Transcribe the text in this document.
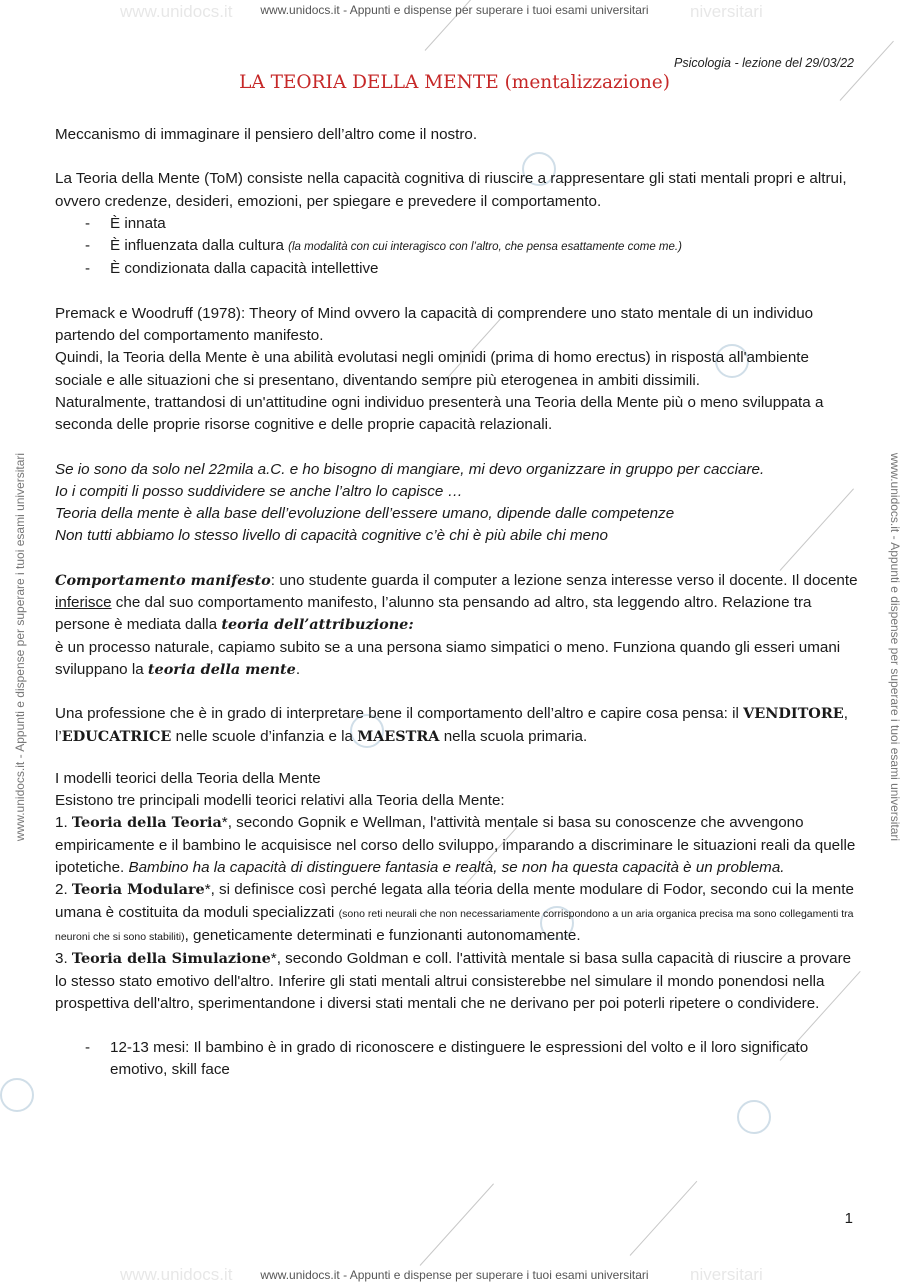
www.unidocs.it	niversitari
www.unidocs.it	niversitari
www.unidocs.it - Appunti e dispense per superare i tuoi esami universitari
www.unidocs.it - Appunti e dispense per superare i tuoi esami universitari
www.unidocs.it - Appunti e dispense per superare i tuoi esami universitari	www.unidocs.it - Appunti e dispense per superare i tuoi esami universitari
Psicologia - lezione del 29/03/22
LA TEORIA DELLA MENTE (mentalizzazione)

Meccanismo di immaginare il pensiero dell’altro come il nostro.

La Teoria della Mente (ToM) consiste nella capacità cognitiva di riuscire a rappresentare gli stati mentali propri e altrui, ovvero credenze, desideri, emozioni, per spiegare e prevedere il comportamento.

- È innata
- È influenzata dalla cultura (la modalità con cui interagisco con l’altro, che pensa esattamente come me.)
- È condizionata dalla capacità intellettive

Premack e Woodruff (1978): Theory of Mind ovvero la capacità di comprendere uno stato mentale di un individuo partendo del comportamento manifesto.

Quindi, la Teoria della Mente è una abilità evolutasi negli ominidi (prima di homo erectus) in risposta all'ambiente sociale e alle situazioni che si presentano, diventando sempre più eterogenea in ambiti dissimili.

Naturalmente, trattandosi di un'attitudine ogni individuo presenterà una Teoria della Mente più o meno sviluppata a seconda delle proprie risorse cognitive e delle proprie capacità relazionali.

Se io sono da solo nel 22mila a.C. e ho bisogno di mangiare, mi devo organizzare in gruppo per cacciare.

Io i compiti li posso suddividere se anche l’altro lo capisce …

Teoria della mente è alla base dell’evoluzione dell’essere umano, dipende dalle competenze

Non tutti abbiamo lo stesso livello di capacità cognitive c’è chi è più abile chi meno

Comportamento manifesto: uno studente guarda il computer a lezione senza interesse verso il docente. Il docente inferisce che dal suo comportamento manifesto, l’alunno sta pensando ad altro, sta leggendo altro. Relazione tra persone è mediata dalla teoria dell’attribuzione:
è un processo naturale, capiamo subito se a una persona siamo simpatici o meno. Funziona quando gli esseri umani sviluppano la teoria della mente.

Una professione che è in grado di interpretare bene il comportamento dell’altro e capire cosa pensa: il VENDITORE, l’EDUCATRICE nelle scuole d’infanzia e la MAESTRA nella scuola primaria.

I modelli teorici della Teoria della Mente

Esistono tre principali modelli teorici relativi alla Teoria della Mente:

1. Teoria della Teoria*, secondo Gopnik e Wellman, l'attività mentale si basa su conoscenze che avvengono empiricamente e il bambino le acquisisce nel corso dello sviluppo, imparando a discriminare le situazioni reali da quelle ipotetiche. Bambino ha la capacità di distinguere fantasia e realtà, se non ha questa capacità è un problema.

2. Teoria Modulare*, si definisce così perché legata alla teoria della mente modulare di Fodor, secondo cui la mente umana è costituita da moduli specializzati (sono reti neurali che non necessariamente corrispondono a un aria organica precisa ma sono collegamenti tra neuroni che si sono stabiliti), geneticamente determinati e funzionanti autonomamente.

3. Teoria della Simulazione*, secondo Goldman e coll. l'attività mentale si basa sulla capacità di riuscire a provare lo stesso stato emotivo dell'altro. Inferire gli stati mentali altrui consisterebbe nel simulare il mondo ponendosi nella prospettiva dell'altro, sperimentandone i diversi stati mentali che ne derivano per poi poterli ripetere o condividere.

- 12-13 mesi: Il bambino è in grado di riconoscere e distinguere le espressioni del volto e il loro significato emotivo, skill face
1
